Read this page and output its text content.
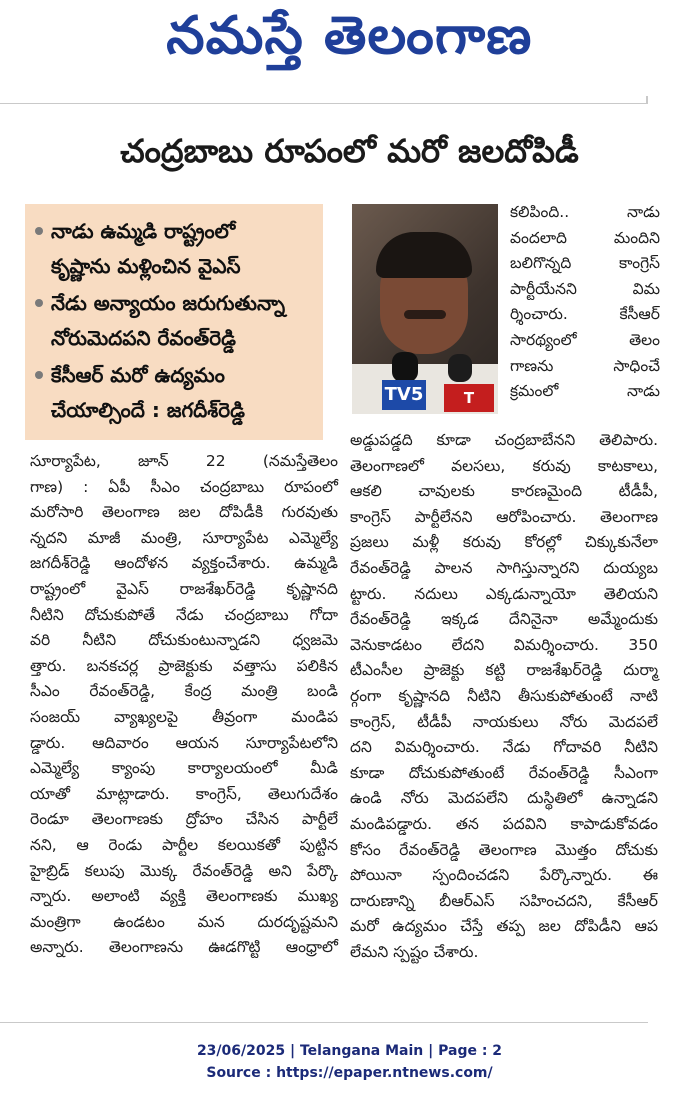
నమస్తే తెలంగాణ
చంద్రబాబు రూపంలో మరో జలదోపిడీ
నాడు ఉమ్మడి రాష్ట్రంలో
కృష్ణాను మళ్లించిన వైఎస్
నేడు అన్యాయం జరుగుతున్నా
నోరుమెదపని రేవంత్‌రెడ్డి
కేసీఆర్ మరో ఉద్యమం
చేయాల్సిందే : జగదీశ్‌రెడ్డి
TV5	T

కలిపింది.. నాడు

వందలాది మందిని

బలిగొన్నది కాంగ్రెస్

పార్టీయేనని విమ

ర్శించారు. కేసీఆర్

సారథ్యంలో తెలం

గాణను సాధించే

క్రమంలో నాడు

సూర్యాపేట, జూన్ 22 (నమస్తేతెలం

గాణ) : ఏపీ సీఎం చంద్రబాబు రూపంలో

మరోసారి తెలంగాణ జల దోపిడీకి గురవుతు

న్నదని మాజీ మంత్రి, సూర్యాపేట ఎమ్మెల్యే

జగదీశ్‌రెడ్డి ఆందోళన వ్యక్తంచేశారు. ఉమ్మడి

రాష్ట్రంలో వైఎస్ రాజశేఖర్‌రెడ్డి కృష్ణానది

నీటిని దోచుకుపోతే నేడు చంద్రబాబు గోదా

వరి నీటిని దోచుకుంటున్నాడని ధ్వజమె

త్తారు. బనకచర్ల ప్రాజెక్టుకు వత్తాసు పలికిన

సీఎం రేవంత్‌రెడ్డి, కేంద్ర మంత్రి బండి

సంజయ్ వ్యాఖ్యలపై తీవ్రంగా మండిప

డ్డారు. ఆదివారం ఆయన సూర్యాపేటలోని

ఎమ్మెల్యే క్యాంపు కార్యాలయంలో మీడి

యాతో మాట్లాడారు. కాంగ్రెస్, తెలుగుదేశం

రెండూ తెలంగాణకు ద్రోహం చేసిన పార్టీలే

నని, ఆ రెండు పార్టీల కలయికతో పుట్టిన

హైబ్రిడ్ కలుపు మొక్క రేవంత్‌రెడ్డి అని పేర్కొ

న్నారు. అలాంటి వ్యక్తి తెలంగాణకు ముఖ్య

మంత్రిగా ఉండటం మన దురదృష్టమని

అన్నారు. తెలంగాణను ఊడగొట్టి ఆంధ్రాలో

అడ్డుపడ్డది కూడా చంద్రబాబేనని తెలిపారు.

తెలంగాణలో వలసలు, కరువు కాటకాలు,

ఆకలి చావులకు కారణమైంది టీడీపీ,

కాంగ్రెస్ పార్టీలేనని ఆరోపించారు. తెలంగాణ

ప్రజలు మళ్లీ కరువు కోరల్లో చిక్కుకునేలా

రేవంత్‌రెడ్డి పాలన సాగిస్తున్నారని దుయ్యబ

ట్టారు. నదులు ఎక్కడున్నాయో తెలియని

రేవంత్‌రెడ్డి ఇక్కడ దేనినైనా అమ్మేందుకు

వెనుకాడటం లేదని విమర్శించారు. 350

టీఎంసీల ప్రాజెక్టు కట్టి రాజశేఖర్‌రెడ్డి దుర్మా

ర్గంగా కృష్ణానది నీటిని తీసుకుపోతుంటే నాటి

కాంగ్రెస్, టీడీపీ నాయకులు నోరు మెదపలే

దని విమర్శించారు. నేడు గోదావరి నీటిని

కూడా దోచుకుపోతుంటే రేవంత్‌రెడ్డి సీఎంగా

ఉండి నోరు మెదపలేని దుస్థితిలో ఉన్నాడని

మండిపడ్డారు. తన పదవిని కాపాడుకోవడం

కోసం రేవంత్‌రెడ్డి తెలంగాణ మొత్తం దోచుకు

పోయినా స్పందించడని పేర్కొన్నారు. ఈ

దారుణాన్ని బీఆర్‌ఎస్ సహించదని, కేసీఆర్

మరో ఉద్యమం చేస్తే తప్ప జల దోపిడీని ఆప

లేమని స్పష్టం చేశారు.

23/06/2025 | Telangana Main | Page : 2
Source : https://epaper.ntnews.com/
